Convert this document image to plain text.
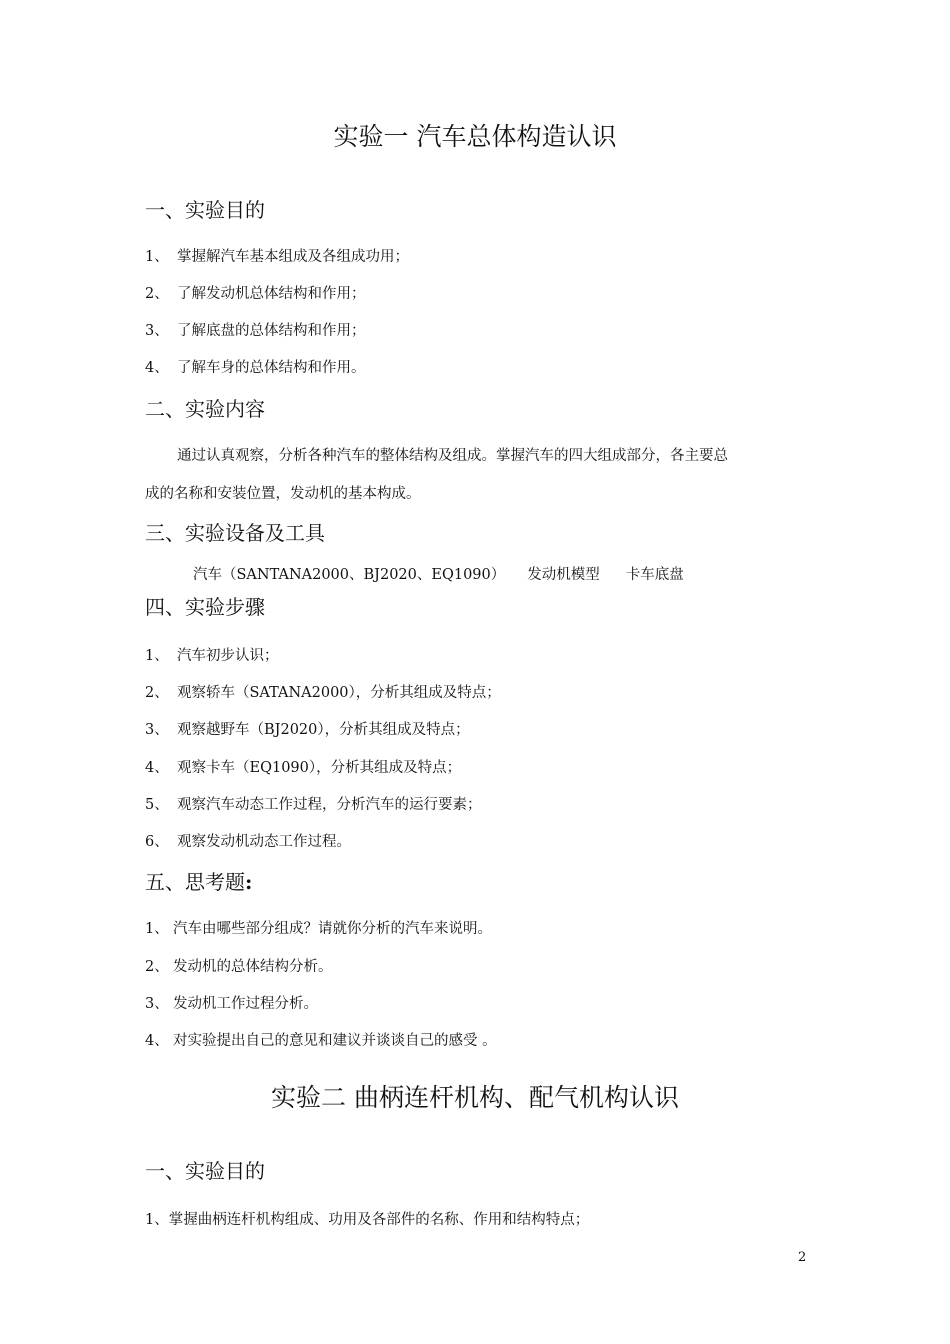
实验一 汽车总体构造认识
一、实验目的
1、 掌握解汽车基本组成及各组成功用；
2、 了解发动机总体结构和作用；
3、 了解底盘的总体结构和作用；
4、 了解车身的总体结构和作用。
二、实验内容
通过认真观察，分析各种汽车的整体结构及组成。掌握汽车的四大组成部分，各主要总
成的名称和安装位置，发动机的基本构成。
三、实验设备及工具
汽车（SANTANA2000、BJ2020、EQ1090） 发动机模型 卡车底盘
四、实验步骤
1、 汽车初步认识；
2、 观察轿车（SATANA2000），分析其组成及特点；
3、 观察越野车（BJ2020），分析其组成及特点；
4、 观察卡车（EQ1090），分析其组成及特点；
5、 观察汽车动态工作过程，分析汽车的运行要素；
6、 观察发动机动态工作过程。
五、思考题:
1、 汽车由哪些部分组成？请就你分析的汽车来说明。
2、 发动机的总体结构分析。
3、 发动机工作过程分析。
4、 对实验提出自己的意见和建议并谈谈自己的感受 。
实验二 曲柄连杆机构、配气机构认识
一、实验目的
1、掌握曲柄连杆机构组成、功用及各部件的名称、作用和结构特点；
2
